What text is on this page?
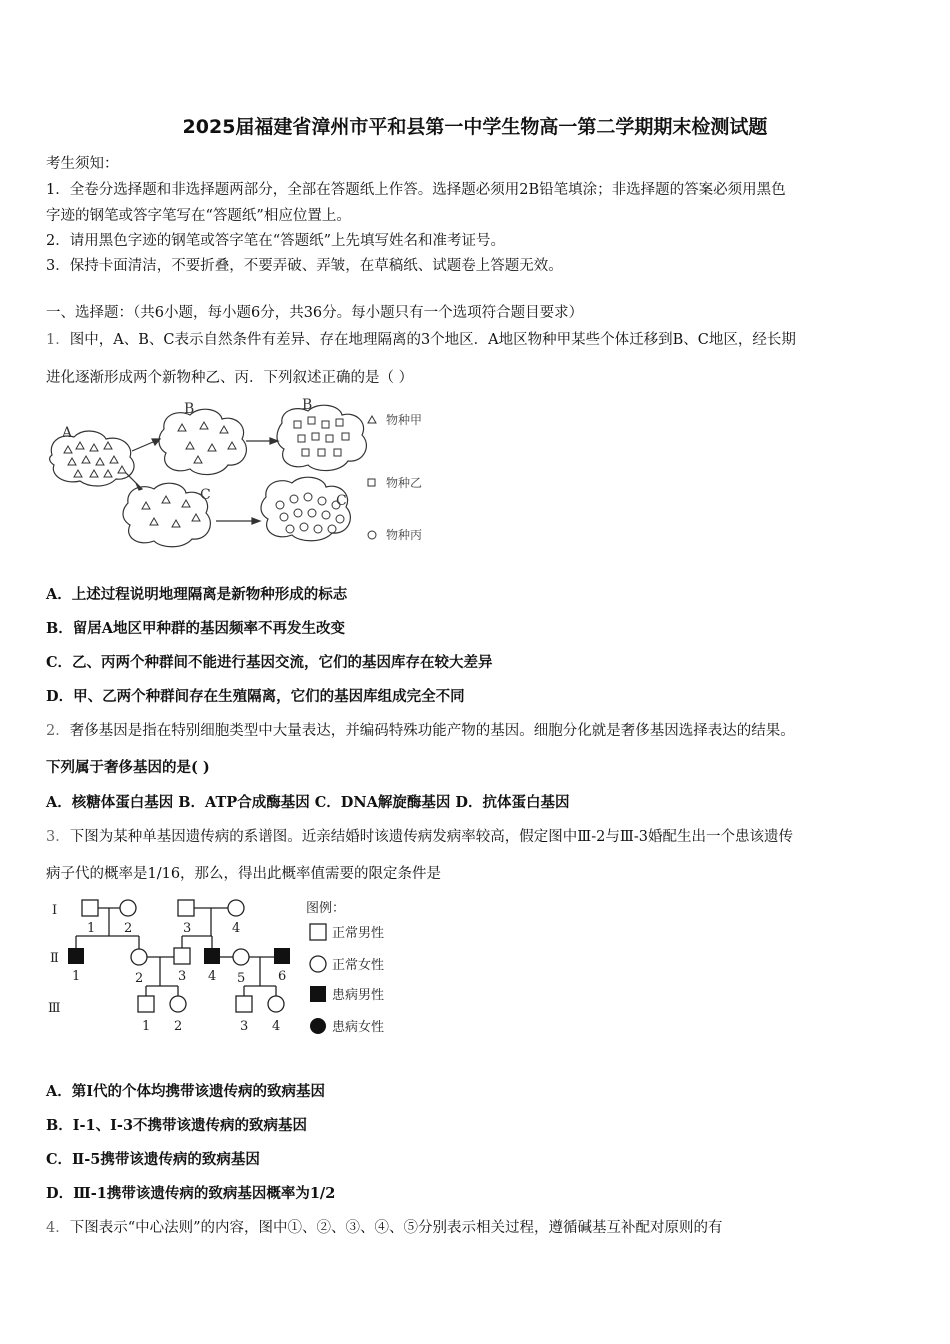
2025届福建省漳州市平和县第一中学生物高一第二学期期末检测试题
考生须知：
1．全卷分选择题和非选择题两部分，全部在答题纸上作答。选择题必须用2B铅笔填涂；非选择题的答案必须用黑色
字迹的钢笔或答字笔写在“答题纸”相应位置上。
2．请用黑色字迹的钢笔或答字笔在“答题纸”上先填写姓名和准考证号。
3．保持卡面清洁，不要折叠，不要弄破、弄皱，在草稿纸、试题卷上答题无效。
一、选择题：（共6小题，每小题6分，共36分。每小题只有一个选项符合题目要求）
1．图中，A、B、C表示自然条件有差异、存在地理隔离的3个地区．A地区物种甲某些个体迁移到B、C地区，经长期
进化逐渐形成两个新物种乙、丙．下列叙述正确的是（ ）
A
B	B
C	C
物种甲
物种乙
物种丙
A．上述过程说明地理隔离是新物种形成的标志
B．留居A地区甲种群的基因频率不再发生改变
C．乙、丙两个种群间不能进行基因交流，它们的基因库存在较大差异
D．甲、乙两个种群间存在生殖隔离，它们的基因库组成完全不同
2．奢侈基因是指在特别细胞类型中大量表达，并编码特殊功能产物的基因。细胞分化就是奢侈基因选择表达的结果。
下列属于奢侈基因的是( )
A．核糖体蛋白基因 B．ATP合成酶基因 C．DNA解旋酶基因 D．抗体蛋白基因
3．下图为某种单基因遗传病的系谱图。近亲结婚时该遗传病发病率较高，假定图中Ⅲ-2与Ⅲ-3婚配生出一个患该遗传
病子代的概率是1/16，那么，得出此概率值需要的限定条件是
Ⅰ
Ⅱ
Ⅲ
1 2	3	4
1	2	3 4 5	6
1 2	3 4
图例：
正常男性
正常女性
患病男性
患病女性
A．第Ⅰ代的个体均携带该遗传病的致病基因
B．Ⅰ-1、Ⅰ-3不携带该遗传病的致病基因
C．Ⅱ-5携带该遗传病的致病基因
D．Ⅲ-1携带该遗传病的致病基因概率为1/2
4．下图表示“中心法则”的内容，图中①、②、③、④、⑤分别表示相关过程，遵循碱基互补配对原则的有
